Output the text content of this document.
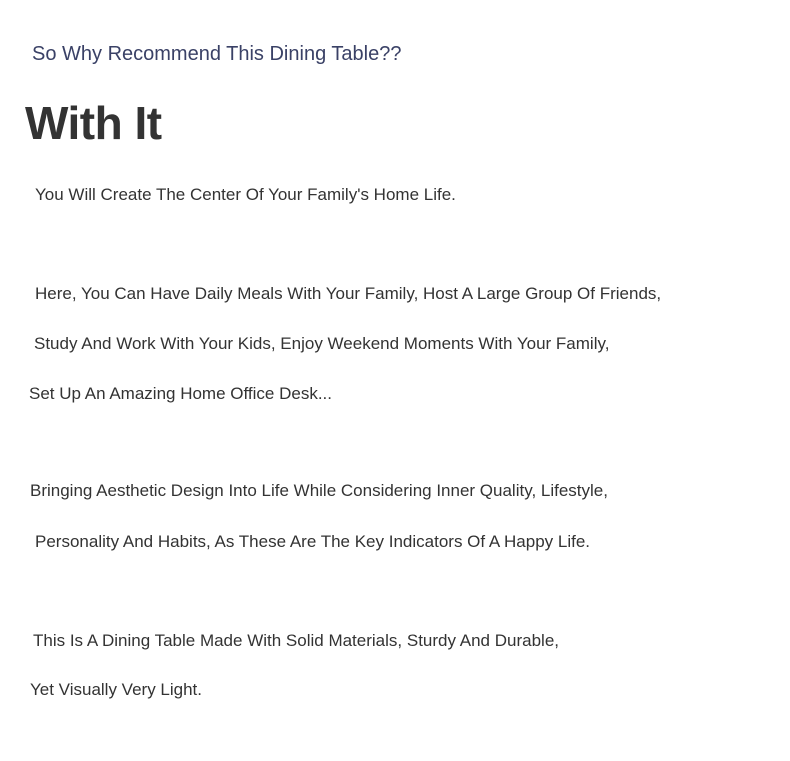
So Why Recommend This Dining Table??
With It
You Will Create The Center Of Your Family's Home Life.
Here, You Can Have Daily Meals With Your Family, Host A Large Group Of Friends,
Study And Work With Your Kids, Enjoy Weekend Moments With Your Family,
Set Up An Amazing Home Office Desk...
Bringing Aesthetic Design Into Life While Considering Inner Quality, Lifestyle,
Personality And Habits, As These Are The Key Indicators Of A Happy Life.
This Is A Dining Table Made With Solid Materials, Sturdy And Durable,
Yet Visually Very Light.
